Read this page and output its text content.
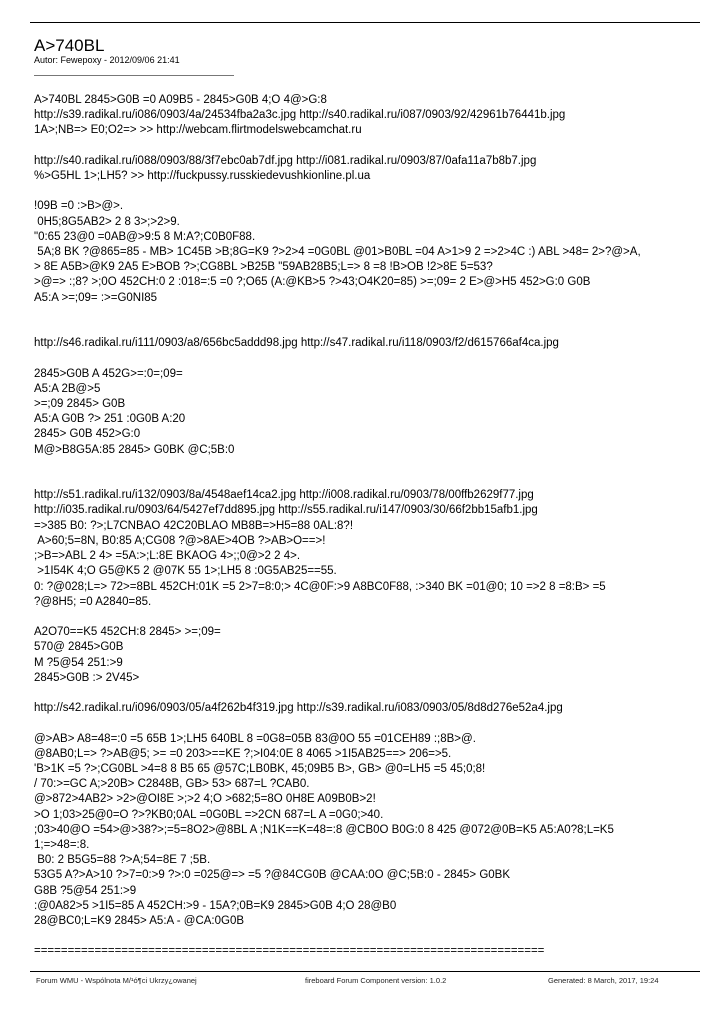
A>740BL
Autor: Fewepoxy - 2012/09/06 21:41
A>740BL 2845>G0B =0 A09B5 - 2845>G0B 4;O 4@>G:8
http://s39.radikal.ru/i086/0903/4a/24534fba2a3c.jpg http://s40.radikal.ru/i087/0903/92/42961b76441b.jpg
1A>;NB=> E0;O2=> >> http://webcam.flirtmodelswebcamchat.ru

http://s40.radikal.ru/i088/0903/88/3f7ebc0ab7df.jpg http://i081.radikal.ru/0903/87/0afa11a7b8b7.jpg
%>G5HL 1>;LH5? >> http://fuckpussy.russkiedevushkionline.pl.ua

!09B =0 :>B>@>.
0H5;8G5AB2> 2 8 3>;>2>9.
"0:65 23@0 =0AB@>9:5 8 M:A?;C0B0F88.
5A;8 BK ?@865=85 - MB> 1C45B >B;8G=K9 ?>2>4 =0G0BL @01>B0BL =04 A>1>9 2 =>2>4C :) ABL >48= 2>?@>A,
> 8E A5B>@K9 2A5 E>BOB ?>;CG8BL >B25B "59AB28B5;L=> 8 =8 !B>OB !2>8E 5=53?
>@=> :;8? >;0O 452CH:0 2 :018=:5 =0 ?;O65 (A:@KB>5 ?>43;O4K20=85) >=;09= 2 E>@>H5 452>G:0 G0B
A5:A >=;09= :>=G0NI85

http://s46.radikal.ru/i111/0903/a8/656bc5addd98.jpg http://s47.radikal.ru/i118/0903/f2/d615766af4ca.jpg

2845>G0B A 452G>=:0=;09=
A5:A 2B@>5
>=;09 2845> G0B
A5:A G0B ?> 251 :0G0B A:20
2845> G0B 452>G:0
M@>B8G5A:85 2845> G0BK @C;5B:0

http://s51.radikal.ru/i132/0903/8a/4548aef14ca2.jpg http://i008.radikal.ru/0903/78/00ffb2629f77.jpg
http://i035.radikal.ru/0903/64/5427ef7dd895.jpg http://s55.radikal.ru/i147/0903/30/66f2bb15afb1.jpg
=>385 B0: ?>;L7CNBAO 42C20BLAO MB8B=>H5=88 0AL:8?!
A>60;5=8N, B0:85 A;CG08 ?@>8AE>4OB ?>AB>O==>!
;>B=>ABL 2 4> =5A:>;L:8E BKAOG 4>;;0@>2 2 4>.
>1I54K 4;O G5@K5 2 @07K 55 1>;LH5 8 :0G5AB25==55.
0: ?@028;L=> 72>=8BL 452CH:01K =5 2>7=8:0;> 4C@0F:>9 A8BC0F88, :>340 BK =01@0; 10 =>2 8 =8:B> =5
?@8H5; =0 A2840=85.

A2O70==K5 452CH:8 2845> >=;09=
570@ 2845>G0B
M ?5@54 251:>9
2845>G0B :> 2V45>

http://s42.radikal.ru/i096/0903/05/a4f262b4f319.jpg http://s39.radikal.ru/i083/0903/05/8d8d276e52a4.jpg

@>AB> A8=48=:0 =5 65B 1>;LH5 640BL 8 =0G8=05B 83@0O 55 =01CEH89 :;8B>@.
@8AB0;L=> ?>AB@5; >= =0 203>==KE ?;>I04:0E 8 4065 >1I5AB25==> 206=>5.
'B>1K =5 ?>;CG0BL >4=8 8 B5 65 @57C;LB0BK, 45;09B5 B>, GB> @0=LH5 =5 45;0;8!
/ 70:>=GC A;>20B> C2848B, GB> 53> 687=L ?CAB0.
@>872>4AB2> >2>@OI8E >;>2 4;O >682;5=8O 0H8E A09B0B>2!
>O 1;03>25@0=O ?>?KB0;0AL =0G0BL =>2CN 687=L A =0G0;>40.
;03>40@O =54>@>38?>;=5=8O2>@8BL A ;N1K==K=48=:8 @CB0O B0G:0 8 425 @072@0B=K5 A5:A0?8;L=K5
1;=>48=:8.
B0: 2 B5G5=88 ?>A;54=8E 7 ;5B.
53G5 A?>A>10 ?>7=0:>9 ?>:0 =025@=> =5 ?@84CG0B @CAA:0O @C;5B:0 - 2845> G0BK
G8B ?5@54 251:>9
:@0A82>5 >1I5=85 A 452CH:>9 - 15A?;0B=K9 2845>G0B 4;O 28@B0
28@BC0;L=K9 2845> A5:A - @CA:0G0B

============================================================================
Forum WMU - Wspólnota M/¹ó¶ci Ukrzy¿owanej	fireboard Forum Component version: 1.0.2	Generated: 8 March, 2017, 19:24
